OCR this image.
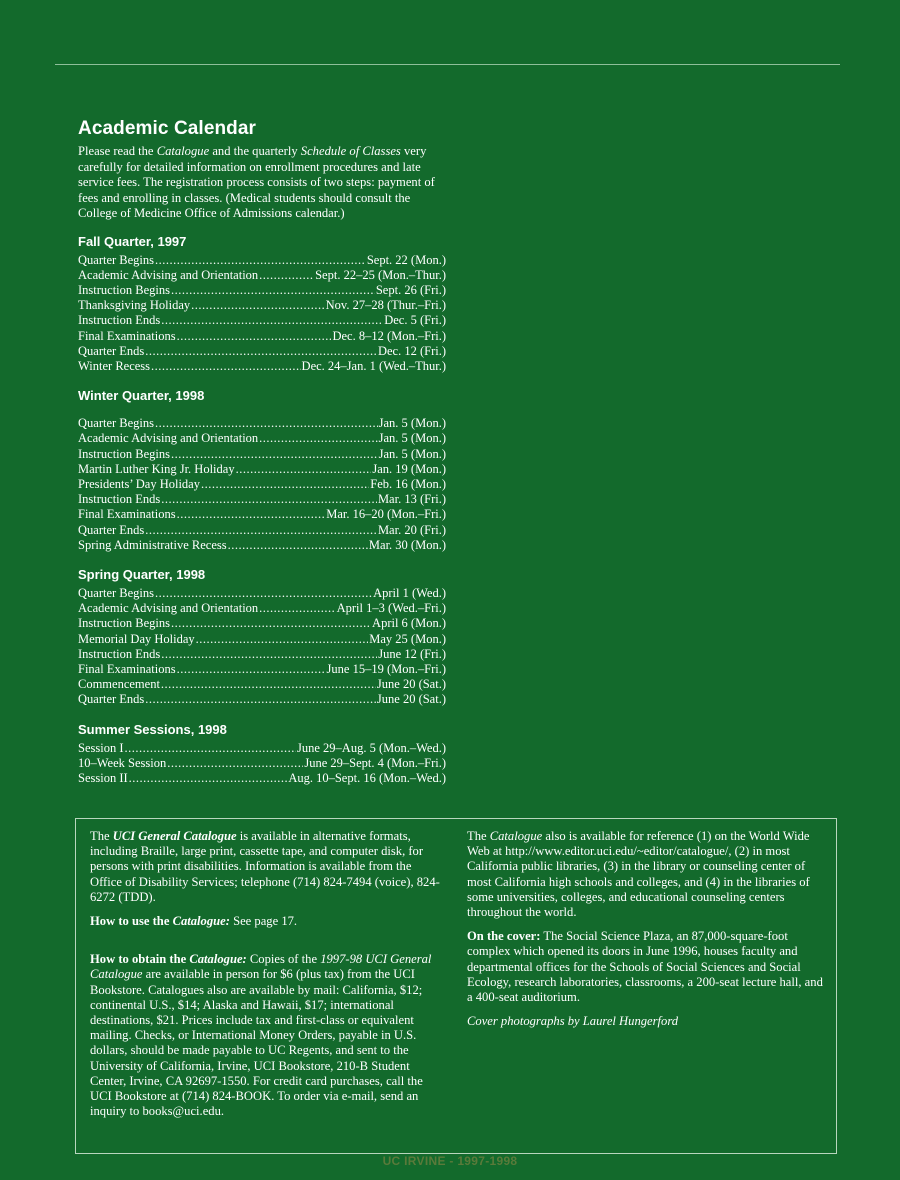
Academic Calendar

Please read the Catalogue and the quarterly Schedule of Classes very carefully for detailed information on enrollment procedures and late service fees. The registration process consists of two steps: payment of fees and enrolling in classes. (Medical students should consult the College of Medicine Office of Admissions calendar.)

Fall Quarter, 1997
Quarter Begins .....	Sept. 22 (Mon.)
Academic Advising and Orientation .....	Sept. 22–25 (Mon.–Thur.)
Instruction Begins .....	Sept. 26 (Fri.)
Thanksgiving Holiday .....	Nov. 27–28 (Thur.–Fri.)
Instruction Ends .....	Dec. 5 (Fri.)
Final Examinations .....	Dec. 8–12 (Mon.–Fri.)
Quarter Ends .....	Dec. 12 (Fri.)
Winter Recess .....	Dec. 24–Jan. 1 (Wed.–Thur.)
Winter Quarter, 1998
Quarter Begins .....	Jan. 5 (Mon.)
Academic Advising and Orientation .....	Jan. 5 (Mon.)
Instruction Begins .....	Jan. 5 (Mon.)
Martin Luther King Jr. Holiday .....	Jan. 19 (Mon.)
Presidents’ Day Holiday .....	Feb. 16 (Mon.)
Instruction Ends .....	Mar. 13 (Fri.)
Final Examinations .....	Mar. 16–20 (Mon.–Fri.)
Quarter Ends .....	Mar. 20 (Fri.)
Spring Administrative Recess .....	Mar. 30 (Mon.)
Spring Quarter, 1998
Quarter Begins .....	April 1 (Wed.)
Academic Advising and Orientation .....	April 1–3 (Wed.–Fri.)
Instruction Begins .....	April 6 (Mon.)
Memorial Day Holiday .....	May 25 (Mon.)
Instruction Ends .....	June 12 (Fri.)
Final Examinations .....	June 15–19 (Mon.–Fri.)
Commencement .....	June 20 (Sat.)
Quarter Ends .....	June 20 (Sat.)
Summer Sessions, 1998
Session I .....	June 29–Aug. 5 (Mon.–Wed.)
10–Week Session .....	June 29–Sept. 4 (Mon.–Fri.)
Session II .....	Aug. 10–Sept. 16 (Mon.–Wed.)

The UCI General Catalogue is available in alternative formats, including Braille, large print, cassette tape, and computer disk, for persons with print disabilities. Information is available from the Office of Disability Services; telephone (714) 824-7494 (voice), 824-6272 (TDD).

How to use the Catalogue: See page 17.

How to obtain the Catalogue: Copies of the 1997-98 UCI General Catalogue are available in person for $6 (plus tax) from the UCI Bookstore. Catalogues also are available by mail: California, $12; continental U.S., $14; Alaska and Hawaii, $17; international destinations, $21. Prices include tax and first-class or equivalent mailing. Checks, or International Money Orders, payable in U.S. dollars, should be made payable to UC Regents, and sent to the University of California, Irvine, UCI Bookstore, 210-B Student Center, Irvine, CA 92697-1550. For credit card purchases, call the UCI Bookstore at (714) 824-BOOK. To order via e-mail, send an inquiry to books@uci.edu.

The Catalogue also is available for reference (1) on the World Wide Web at http://www.editor.uci.edu/~editor/catalogue/, (2) in most California public libraries, (3) in the library or counseling center of most California high schools and colleges, and (4) in the libraries of some universities, colleges, and educational counseling centers throughout the world.

On the cover: The Social Science Plaza, an 87,000-square-foot complex which opened its doors in June 1996, houses faculty and departmental offices for the Schools of Social Sciences and Social Ecology, research laboratories, classrooms, a 200-seat lecture hall, and a 400-seat auditorium.

Cover photographs by Laurel Hungerford

UC IRVINE - 1997-1998
